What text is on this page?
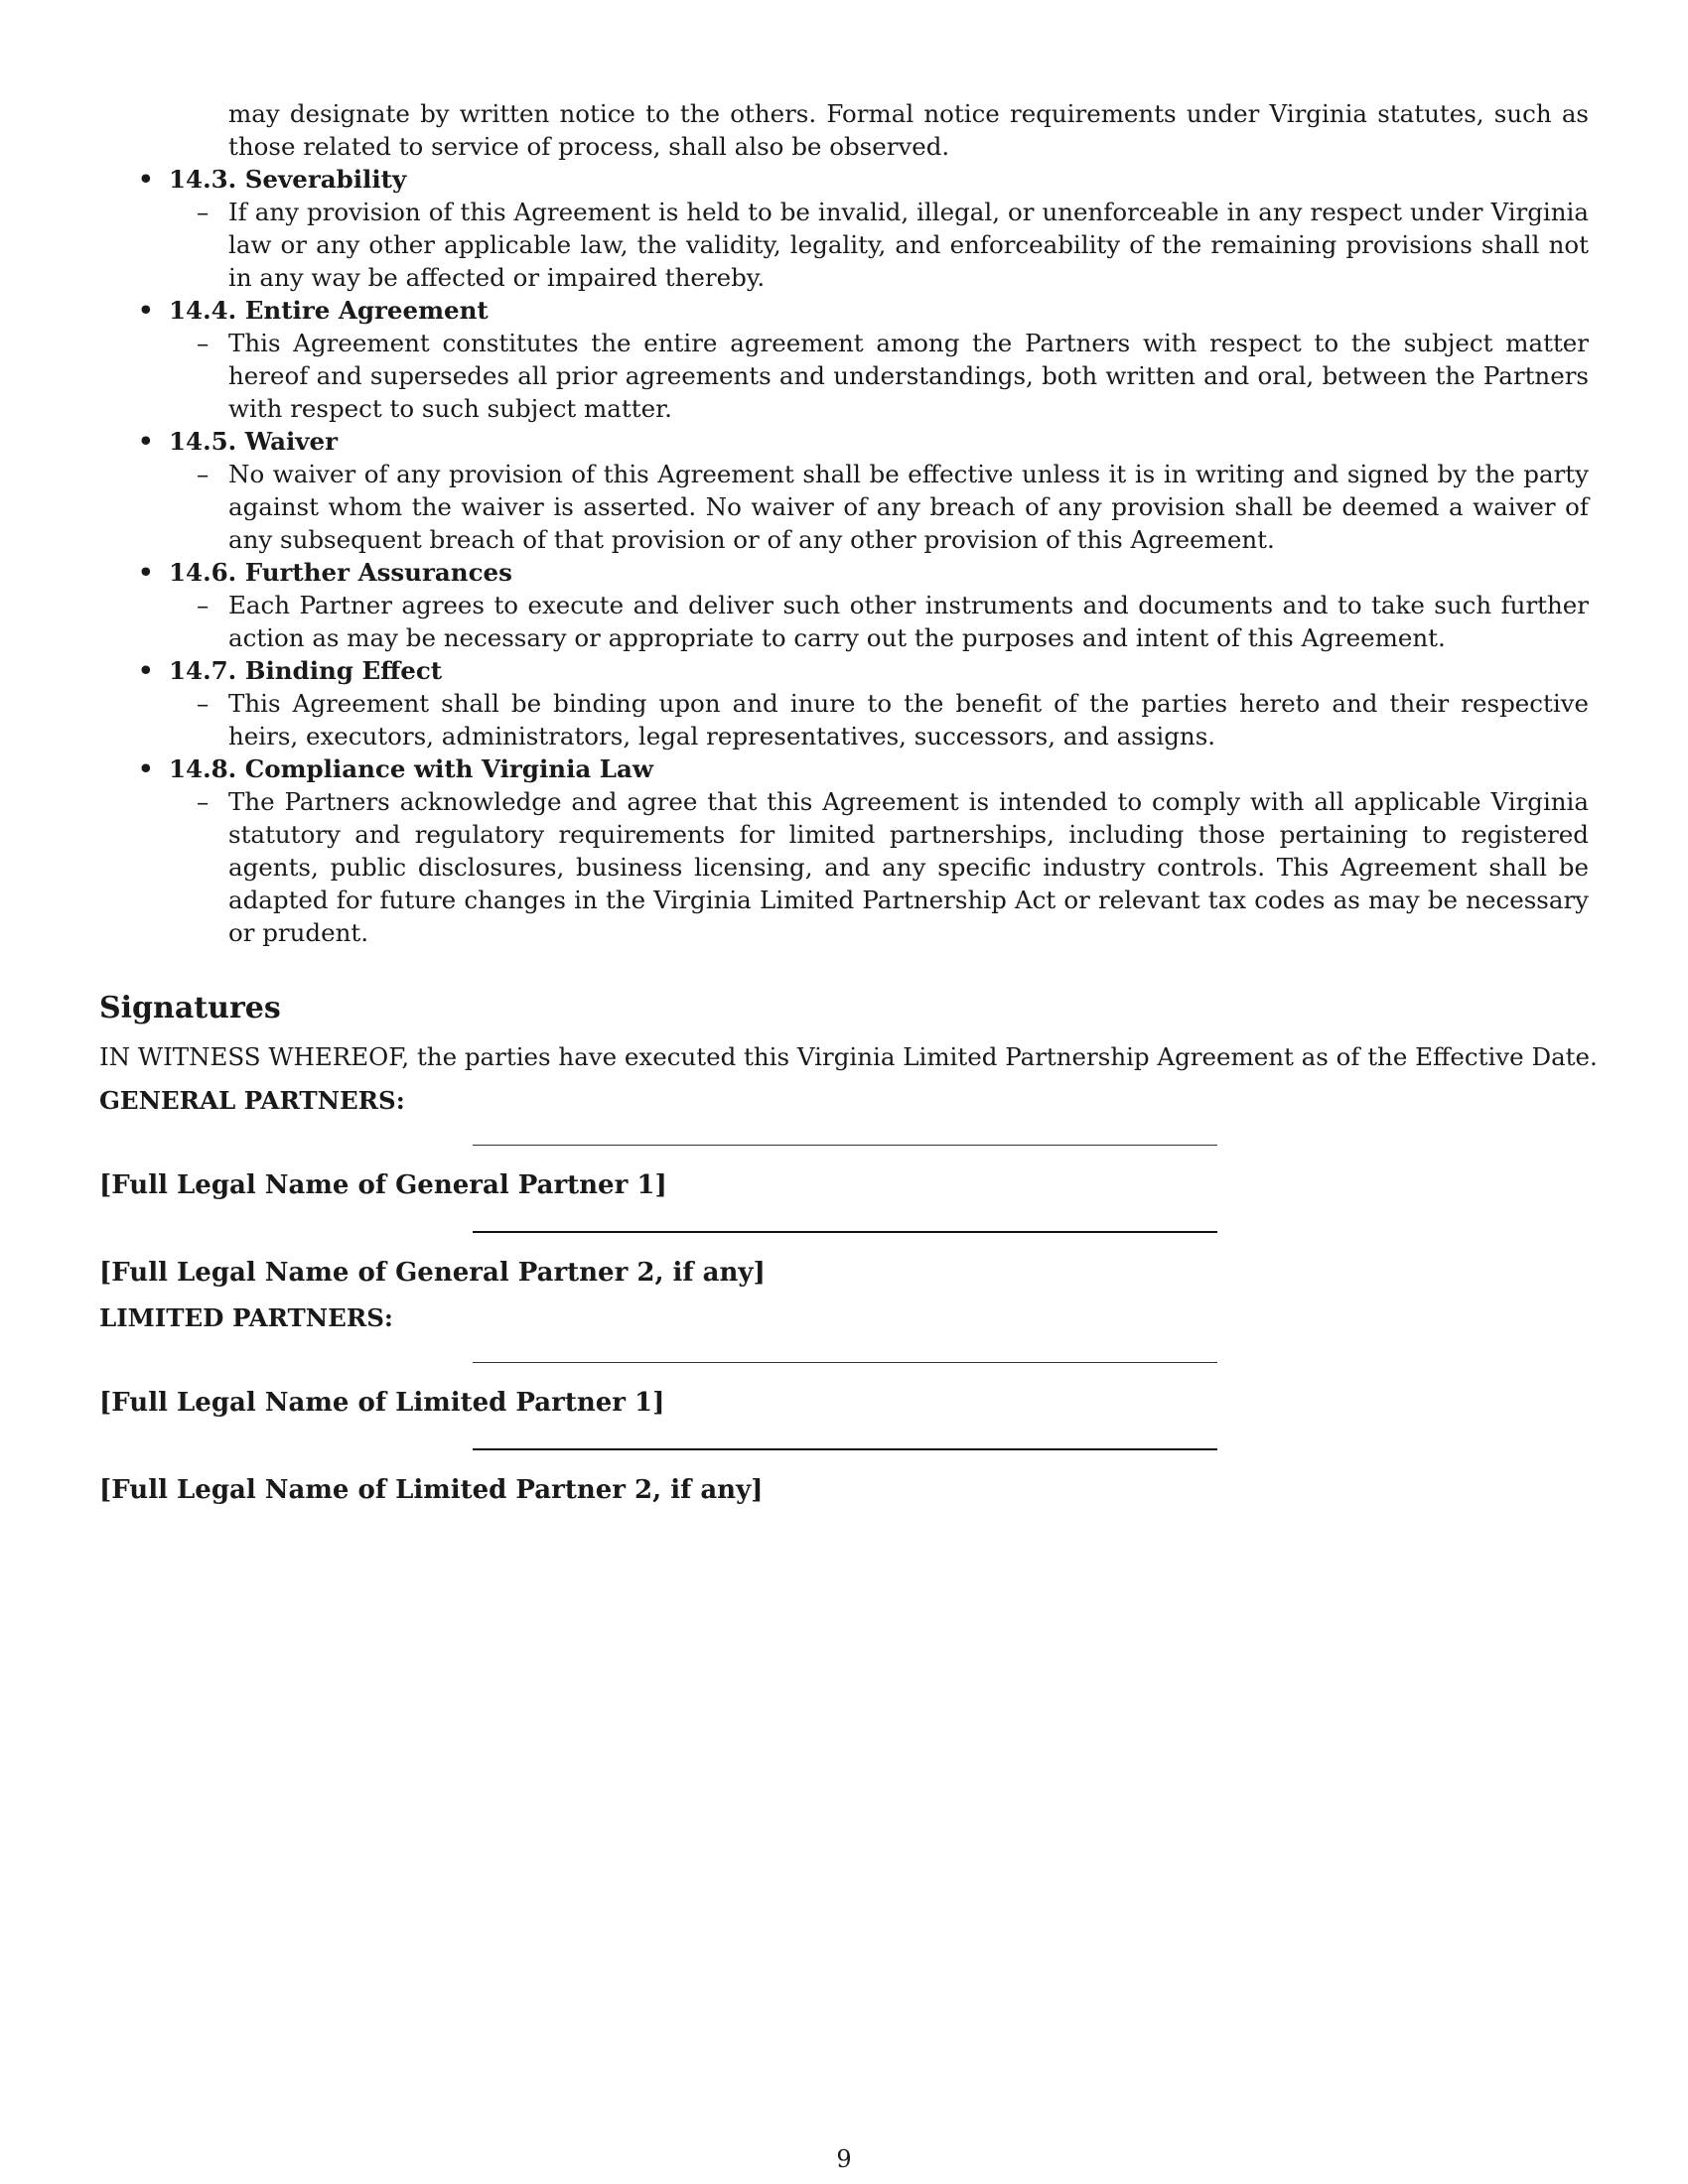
may designate by written notice to the others. Formal notice requirements under Virginia statutes, such as those related to service of process, shall also be observed.
• 14.3. Severability
– If any provision of this Agreement is held to be invalid, illegal, or unenforceable in any respect under Virginia law or any other applicable law, the validity, legality, and enforceability of the remaining provisions shall not in any way be affected or impaired thereby.
• 14.4. Entire Agreement
– This Agreement constitutes the entire agreement among the Partners with respect to the subject matter hereof and supersedes all prior agreements and understandings, both written and oral, between the Partners with respect to such subject matter.
• 14.5. Waiver
– No waiver of any provision of this Agreement shall be effective unless it is in writing and signed by the party against whom the waiver is asserted. No waiver of any breach of any provision shall be deemed a waiver of any subsequent breach of that provision or of any other provision of this Agreement.
• 14.6. Further Assurances
– Each Partner agrees to execute and deliver such other instruments and documents and to take such further action as may be necessary or appropriate to carry out the purposes and intent of this Agreement.
• 14.7. Binding Effect
– This Agreement shall be binding upon and inure to the benefit of the parties hereto and their respective heirs, executors, administrators, legal representatives, successors, and assigns.
• 14.8. Compliance with Virginia Law
– The Partners acknowledge and agree that this Agreement is intended to comply with all applicable Virginia statutory and regulatory requirements for limited partnerships, including those pertaining to registered agents, public disclosures, business licensing, and any specific industry controls. This Agreement shall be adapted for future changes in the Virginia Limited Partnership Act or relevant tax codes as may be necessary or prudent.
Signatures
IN WITNESS WHEREOF, the parties have executed this Virginia Limited Partnership Agreement as of the Effective Date.
GENERAL PARTNERS:
[Full Legal Name of General Partner 1]
[Full Legal Name of General Partner 2, if any]
LIMITED PARTNERS:
[Full Legal Name of Limited Partner 1]
[Full Legal Name of Limited Partner 2, if any]
9
